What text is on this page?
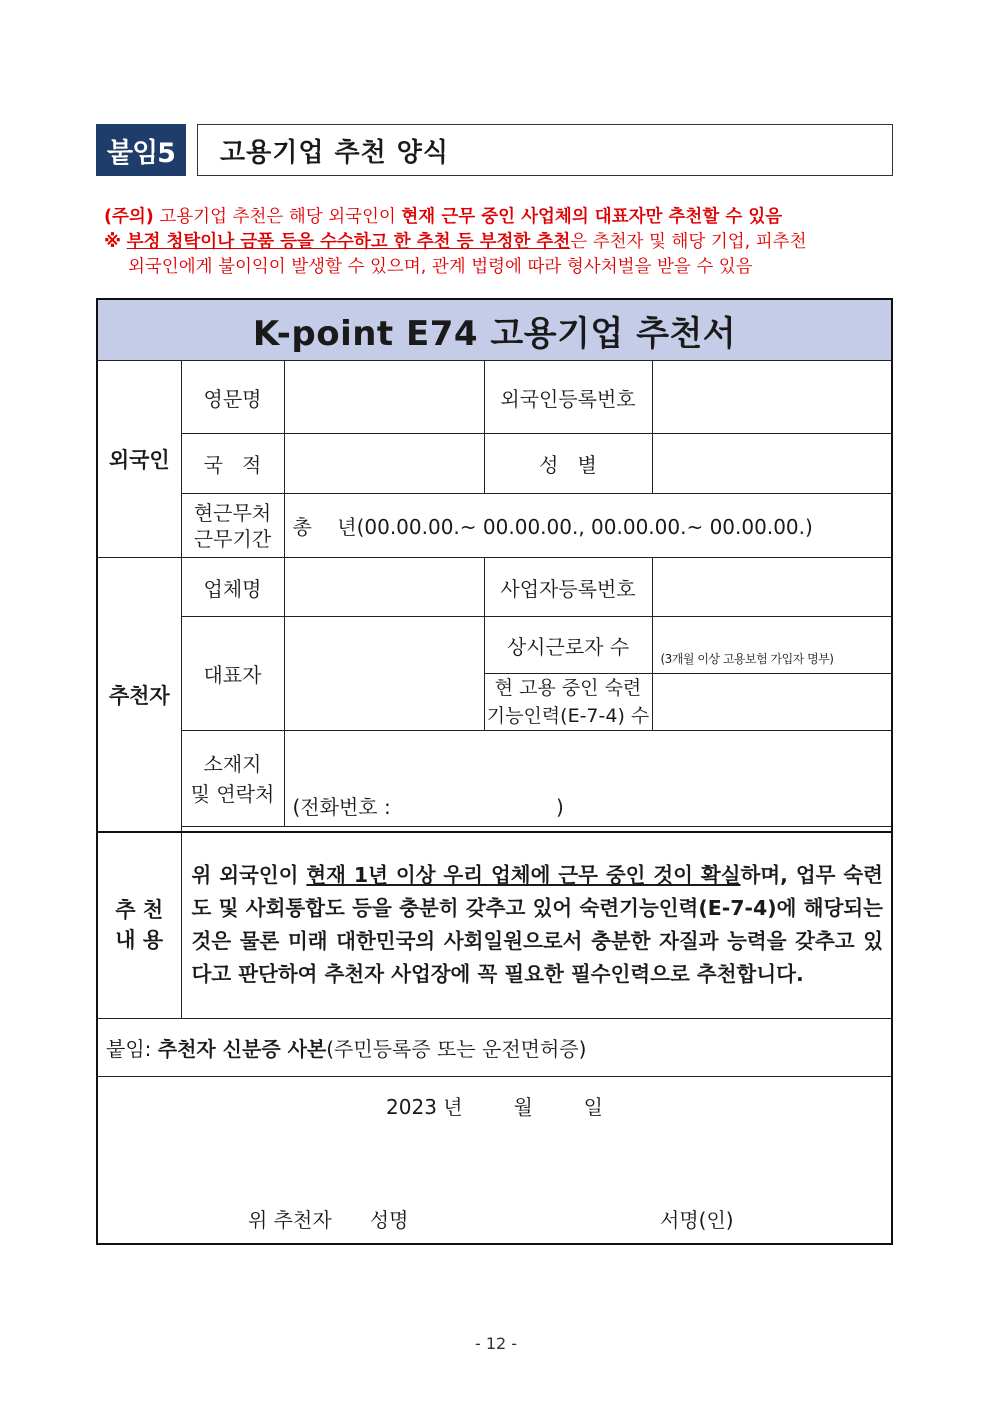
붙임5	고용기업 추천 양식
(주의) 고용기업 추천은 해당 외국인이 현재 근무 중인 사업체의 대표자만 추천할 수 있음
※ 부정 청탁이나 금품 등을 수수하고 한 추천 등 부정한 추천은 추천자 및 해당 기업, 피추천
외국인에게 불이익이 발생할 수 있으며, 관계 법령에 따라 형사처벌을 받을 수 있음
K-point E74 고용기업 추천서				
외국인	영문명		외국인등록번호	
	국   적		성   별	

	현근무처
근무기간	총    년(00.00.00.~ 00.00.00., 00.00.00.~ 00.00.00.)		
추천자	업체명		사업자등록번호	
	대표자		상시근로자 수	(3개월 이상 고용보험 가입자 명부)

			현 고용 중인 숙련
기능인력(E-7-4) 수	

	소재지
및 연락처	(전화번호 :                          )		

추 천
내 용
	위 외국인이 현재 1년 이상 우리 업체에 근무 중인 것이 확실하며, 업무 숙련도 및 사회통합도 등을 충분히 갖추고 있어 숙련기능인력(E-7-4)에 해당되는 것은 물론 미래 대한민국의 사회일원으로서 충분한 자질과 능력을 갖추고 있다고 판단하여 추천자 사업장에 꼭 필요한 필수인력으로 추천합니다.
붙임: 추천자 신분증 사본(주민등록증 또는 운전면허증)

2023 년        월        일
위 추천자      성명	서명(인)
- 12 -
